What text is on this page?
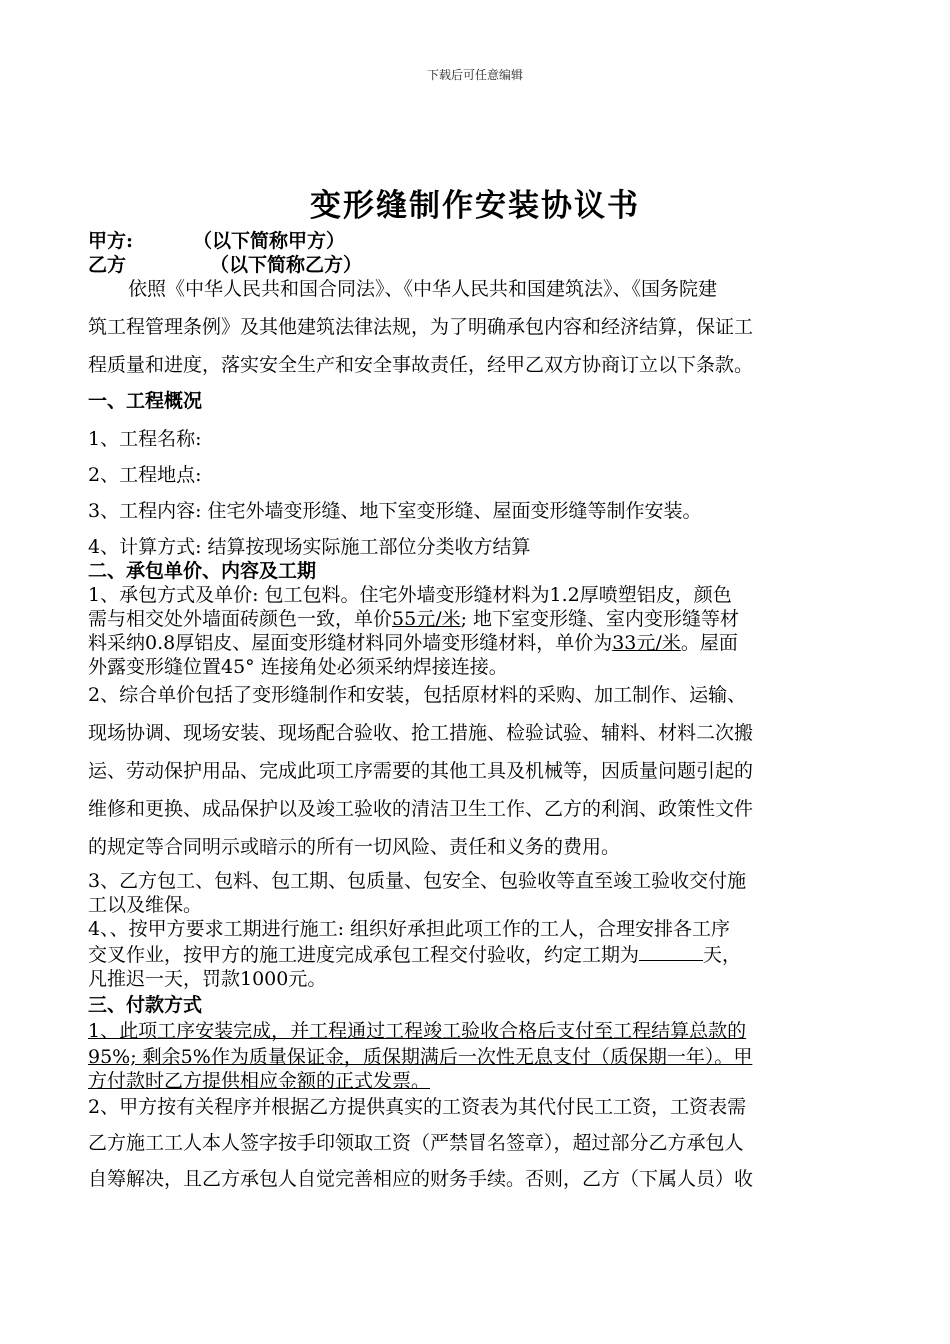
下载后可任意编辑
变形缝制作安装协议书
甲方:	（以下简称甲方）
乙方	（以下简称乙方）
依照《中华人民共和国合同法》、《中华人民共和国建筑法》、《国务院建
筑工程管理条例》及其他建筑法律法规，为了明确承包内容和经济结算，保证工
程质量和进度，落实安全生产和安全事故责任，经甲乙双方协商订立以下条款。
一、工程概况
1、工程名称:
2、工程地点:
3、工程内容: 住宅外墙变形缝、地下室变形缝、屋面变形缝等制作安装。
4、计算方式: 结算按现场实际施工部位分类收方结算
二、承包单价、内容及工期
1、承包方式及单价: 包工包料。住宅外墙变形缝材料为1.2厚喷塑铝皮，颜色
需与相交处外墙面砖颜色一致，单价55元/米; 地下室变形缝、室内变形缝等材
料采纳0.8厚铝皮、屋面变形缝材料同外墙变形缝材料，单价为33元/米。屋面
外露变形缝位置45° 连接角处必须采纳焊接连接。
2、综合单价包括了变形缝制作和安装，包括原材料的采购、加工制作、运输、
现场协调、现场安装、现场配合验收、抢工措施、检验试验、辅料、材料二次搬
运、劳动保护用品、完成此项工序需要的其他工具及机械等，因质量问题引起的
维修和更换、成品保护以及竣工验收的清洁卫生工作、乙方的利润、政策性文件
的规定等合同明示或暗示的所有一切风险、责任和义务的费用。
3、乙方包工、包料、包工期、包质量、包安全、包验收等直至竣工验收交付施
工以及维保。
4、、按甲方要求工期进行施工: 组织好承担此项工作的工人，合理安排各工序
交叉作业，按甲方的施工进度完成承包工程交付验收，约定工期为	天，
凡推迟一天，罚款1000元。
三、付款方式
1、此项工序安装完成，并工程通过工程竣工验收合格后支付至工程结算总款的
95%; 剩余5%作为质量保证金，质保期满后一次性无息支付（质保期一年）。甲
方付款时乙方提供相应金额的正式发票。
2、甲方按有关程序并根据乙方提供真实的工资表为其代付民工工资，工资表需
乙方施工工人本人签字按手印领取工资（严禁冒名签章），超过部分乙方承包人
自筹解决，且乙方承包人自觉完善相应的财务手续。否则，乙方（下属人员）收
